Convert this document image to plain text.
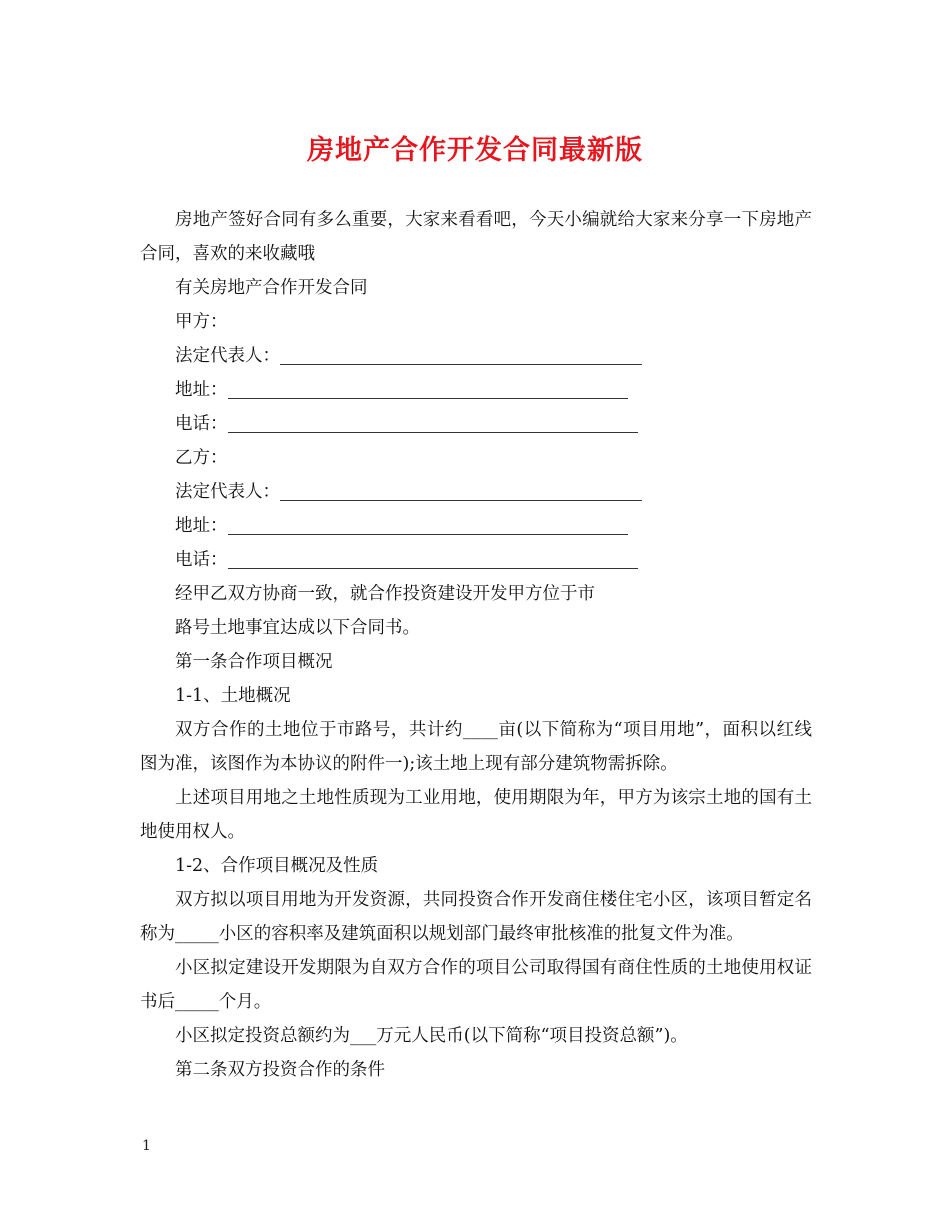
房地产合作开发合同最新版

房地产签好合同有多么重要，大家来看看吧，今天小编就给大家来分享一下房地产合同，喜欢的来收藏哦

有关房地产合作开发合同

甲方：

法定代表人：

地址：

电话：

乙方：

法定代表人：

地址：

电话：

经甲乙双方协商一致，就合作投资建设开发甲方位于市

路号土地事宜达成以下合同书。

第一条合作项目概况

1-1、土地概况

双方合作的土地位于市路号，共计约____亩(以下简称为“项目用地”，面积以红线图为准，该图作为本协议的附件一);该土地上现有部分建筑物需拆除。

上述项目用地之土地性质现为工业用地，使用期限为年，甲方为该宗土地的国有土地使用权人。

1-2、合作项目概况及性质

双方拟以项目用地为开发资源，共同投资合作开发商住楼住宅小区，该项目暂定名称为_____小区的容积率及建筑面积以规划部门最终审批核准的批复文件为准。

小区拟定建设开发期限为自双方合作的项目公司取得国有商住性质的土地使用权证书后_____个月。

小区拟定投资总额约为___万元人民币(以下简称“项目投资总额”)。

第二条双方投资合作的条件

1
